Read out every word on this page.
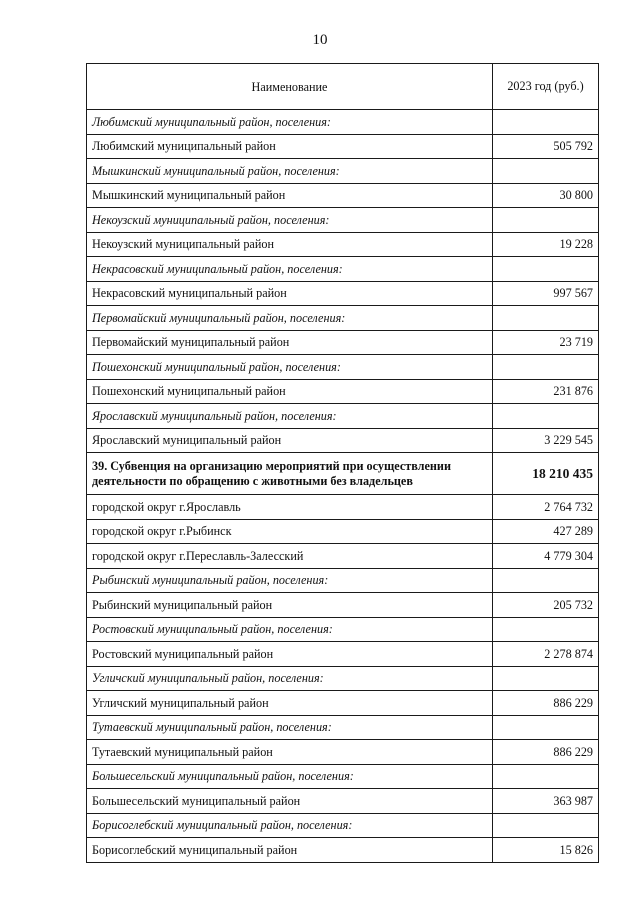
10
Наименование	2023 год (руб.)
Любимский муниципальный район, поселения:	
Любимский муниципальный район	505 792
Мышкинский муниципальный район, поселения:	
Мышкинский муниципальный район	30 800
Некоузский муниципальный район, поселения:	
Некоузский муниципальный район	19 228
Некрасовский муниципальный район, поселения:	
Некрасовский муниципальный район	997 567
Первомайский муниципальный район, поселения:	
Первомайский муниципальный район	23 719
Пошехонский муниципальный район, поселения:	
Пошехонский муниципальный район	231 876
Ярославский муниципальный район, поселения:	
Ярославский муниципальный район	3 229 545
39. Субвенция на организацию мероприятий при осуществлении деятельности по обращению с животными без владельцев	18 210 435
городской округ г.Ярославль	2 764 732
городской округ г.Рыбинск	427 289
городской округ г.Переславль-Залесский	4 779 304
Рыбинский муниципальный район, поселения:	
Рыбинский муниципальный район	205 732
Ростовский муниципальный район, поселения:	
Ростовский муниципальный район	2 278 874
Угличский муниципальный район, поселения:	
Угличский муниципальный район	886 229
Тутаевский муниципальный район, поселения:	
Тутаевский муниципальный район	886 229
Большесельский муниципальный район, поселения:	
Большесельский муниципальный район	363 987
Борисоглебский муниципальный район, поселения:	
Борисоглебский муниципальный район	15 826
